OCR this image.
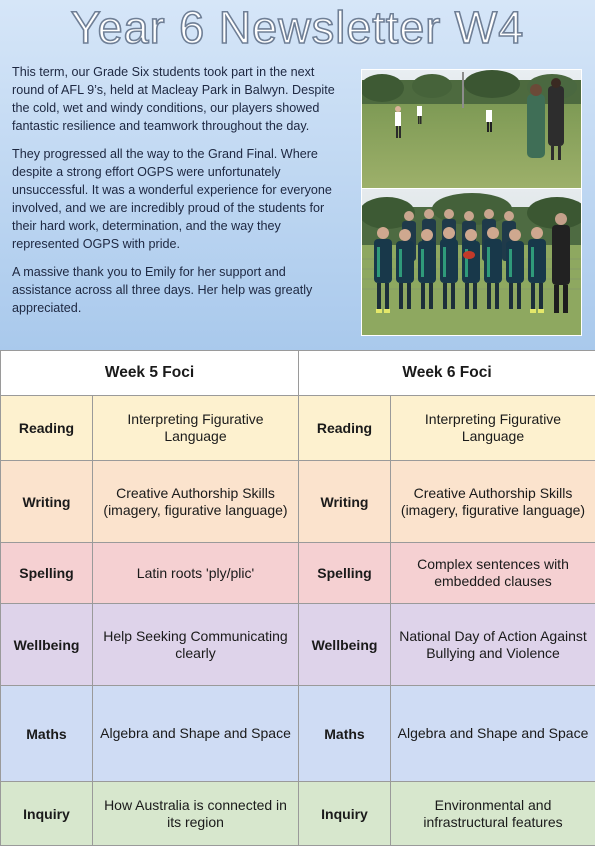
Year 6 Newsletter W4

This term, our Grade Six students took part in the next round of AFL 9’s, held at Macleay Park in Balwyn. Despite the cold, wet and windy conditions, our players showed fantastic resilience and teamwork throughout the day.

They progressed all the way to the Grand Final. Where despite a strong effort OGPS were unfortunately unsuccessful. It was a wonderful experience for everyone involved, and we are incredibly proud of the students for their hard work, determination, and the way they represented OGPS with pride.

A massive thank you to Emily for her support and assistance across all three days. Her help was greatly appreciated.

Week 5 Foci		Week 6 Foci	
Reading	Interpreting Figurative Language	Reading	Interpreting Figurative Language
Writing	Creative Authorship Skills (imagery, figurative language)	Writing	Creative Authorship Skills (imagery, figurative language)
Spelling	Latin roots 'ply/plic'	Spelling	Complex sentences with embedded clauses
Wellbeing	Help Seeking Communicating clearly	Wellbeing	National Day of Action Against Bullying and Violence
Maths	Algebra and Shape and Space	Maths	Algebra and Shape and Space
Inquiry	How Australia is connected in its region	Inquiry	Environmental and infrastructural features
